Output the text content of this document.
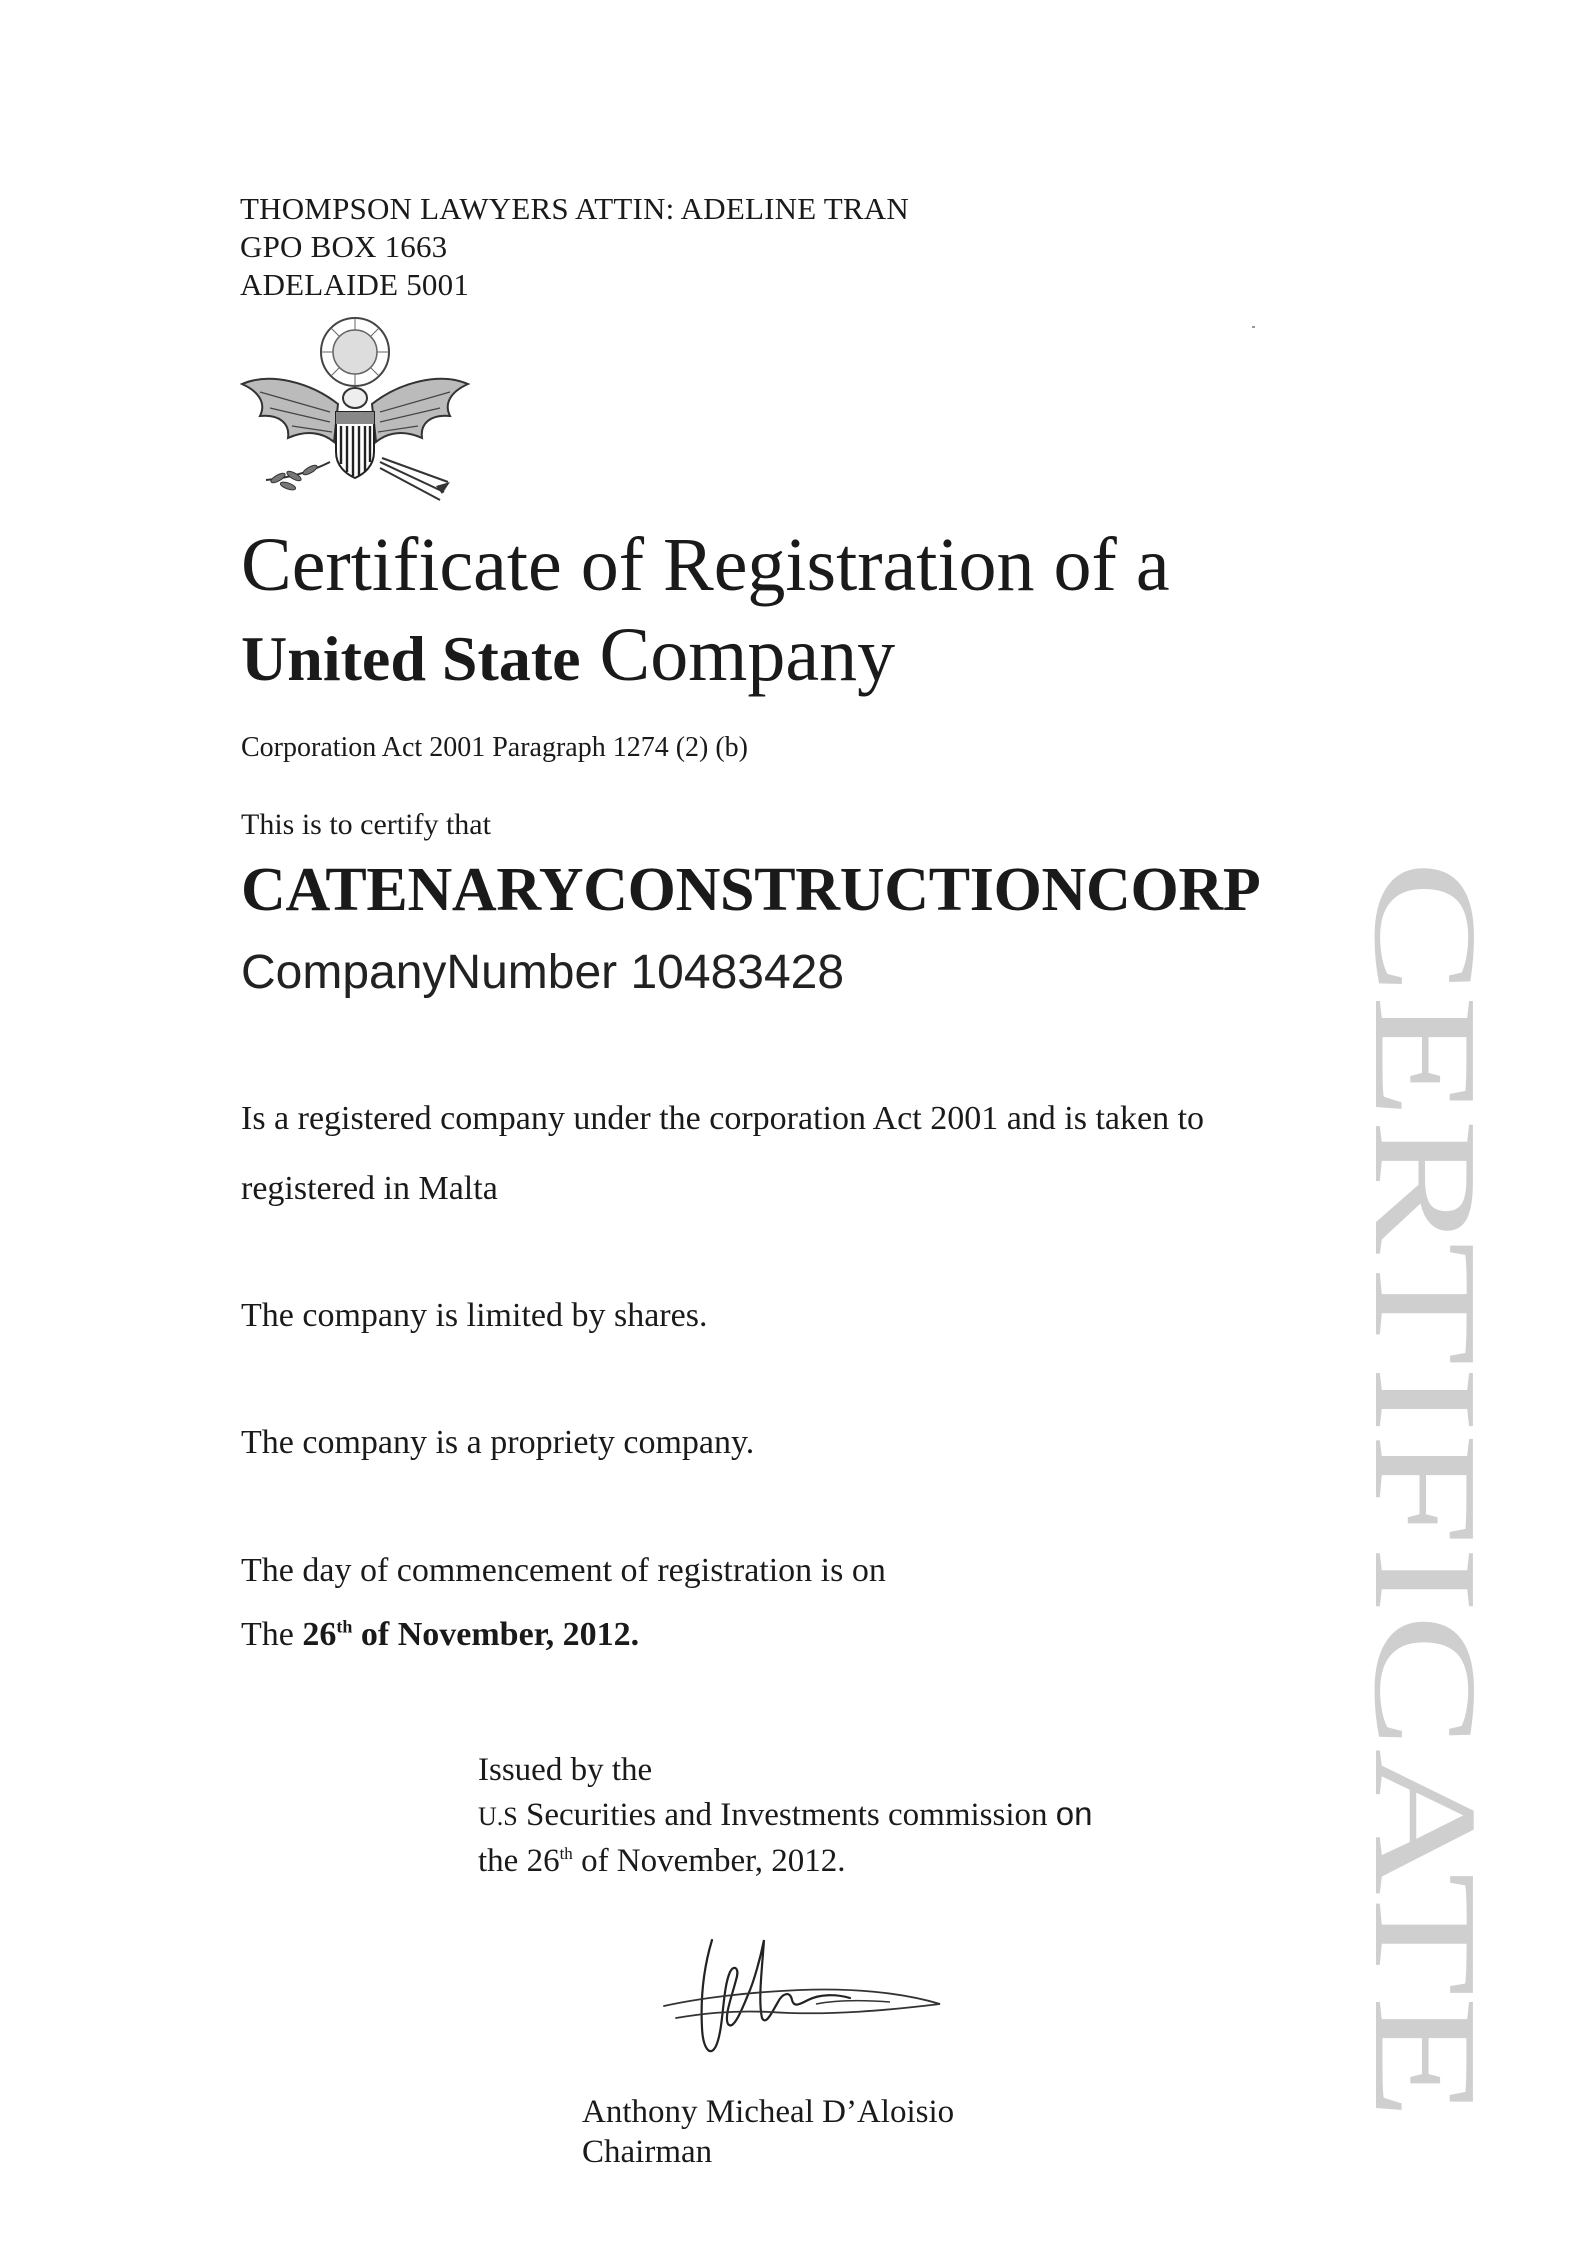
THOMPSON LAWYERS ATTIN: ADELINE TRAN
GPO BOX 1663
ADELAIDE 5001
Certificate of Registration of a
United State Company
Corporation Act 2001 Paragraph 1274 (2) (b)
This is to certify that
CATENARYCONSTRUCTIONCORP
CompanyNumber 10483428
Is a registered company under the corporation Act 2001 and is taken to
registered in Malta
The company is limited by shares.
The company is a propriety company.
The day of commencement of registration is on
The 26th of November, 2012.
Issued by the
U.S Securities and Investments commission on
the 26th of November, 2012.
Anthony Micheal D’Aloisio
Chairman
CERTIFICATE
